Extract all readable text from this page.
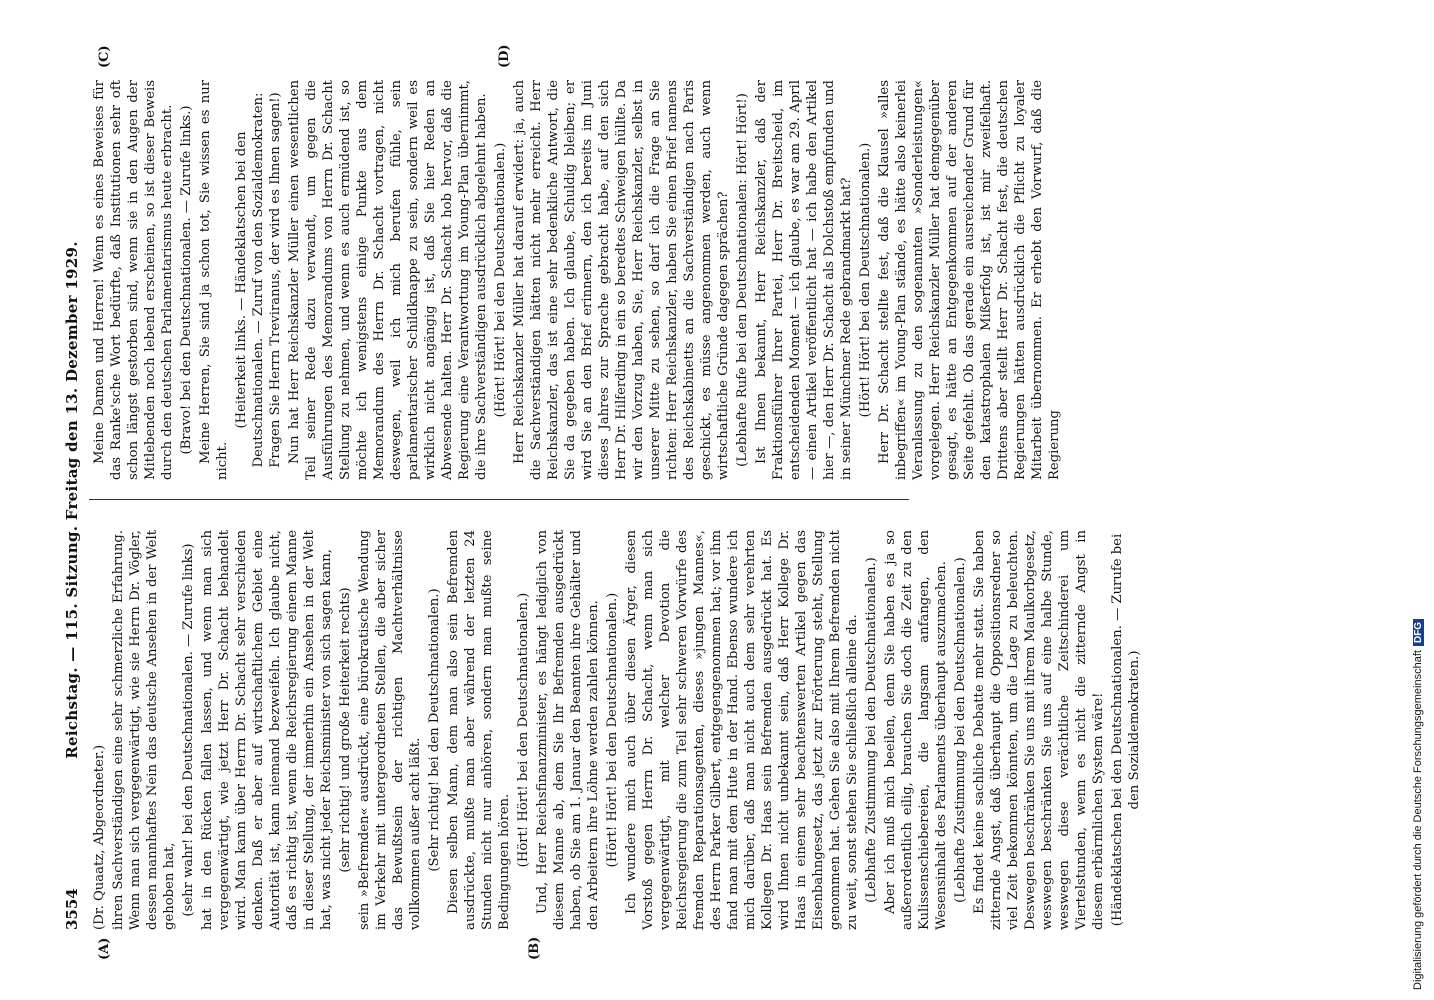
3554
Reichstag. — 115. Sitzung. Freitag den 13. Dezember 1929.
(A)	(B)
(C)	(D)

(Dr. Quaatz, Abgeordneter.) ihren Sachverständigen eine sehr schmerzliche Erfahrung. Wenn man sich vergegenwärtigt, wie sie Herrn Dr. Vögler, dessen mannhaftes Nein das deutsche Ansehen in der Welt gehoben hat, (sehr wahr! bei den Deutschnationalen. — Zurufe links) hat in den Rücken fallen lassen, und wenn man sich vergegenwärtigt, wie jetzt Herr Dr. Schacht behandelt wird. Man kann über Herrn Dr. Schacht sehr verschieden denken. Daß er aber auf wirtschaftlichem Gebiet eine Autorität ist, kann niemand bezweifeln. Ich glaube nicht, daß es richtig ist, wenn die Reichsregierung einem Manne in dieser Stellung, der immerhin ein Ansehen in der Welt hat, was nicht jeder Reichsminister von sich sagen kann, (sehr richtig! und große Heiterkeit rechts) sein »Befremden« ausdrückt, eine bürokratische Wendung im Verkehr mit untergeordneten Stellen, die aber sicher das Bewußtsein der richtigen Machtverhältnisse vollkommen außer acht läßt. (Sehr richtig! bei den Deutschnationalen.) Diesen selben Mann, dem man also sein Befremden ausdrückte, mußte man aber während der letzten 24 Stunden nicht nur anhören, sondern man mußte seine Bedingungen hören. (Hört! Hört! bei den Deutschnationalen.) Und, Herr Reichsfinanzminister, es hängt lediglich von diesem Manne ab, dem Sie Ihr Befremden ausgedrückt haben, ob Sie am 1. Januar den Beamten ihre Gehälter und den Arbeitern ihre Löhne werden zahlen können. (Hört! Hört! bei den Deutschnationalen.) Ich wundere mich auch über diesen Ärger, diesen Vorstoß gegen Herrn Dr. Schacht, wenn man sich vergegenwärtigt, mit welcher Devotion die Reichsregierung die zum Teil sehr schweren Vorwürfe des fremden Reparationsagenten, dieses »jungen Mannes«, des Herrn Parker Gilbert, entgegengenommen hat; vor ihm fand man mit dem Hute in der Hand. Ebenso wundere ich mich darüber, daß man nicht auch dem sehr verehrten Kollegen Dr. Haas sein Befremden ausgedrückt hat. Es wird Ihnen nicht unbekannt sein, daß Herr Kollege Dr. Haas in einem sehr beachtenswerten Artikel gegen das Eisenbahngesetz, das jetzt zur Erörterung steht, Stellung genommen hat. Gehen Sie also mit Ihrem Befremden nicht zu weit, sonst stehen Sie schließlich alleine da. (Lebhafte Zustimmung bei den Deutschnationalen.) Aber ich muß mich beeilen, denn Sie haben es ja so außerordentlich eilig, brauchen Sie doch die Zeit zu den Kulissenschiebereien, die langsam anfangen, den Wesensinhalt des Parlaments überhaupt auszumachen. (Lebhafte Zustimmung bei den Deutschnationalen.) Es findet keine sachliche Debatte mehr statt. Sie haben zitternde Angst, daß überhaupt die Oppositionsredner so viel Zeit bekommen könnten, um die Lage zu beleuchten. Deswegen beschränken Sie uns mit ihrem Maulkorbgesetz, weswegen beschränken Sie uns auf eine halbe Stunde, weswegen diese verächtliche Zeitschinderei um Viertelstunden, wenn es nicht die zitternde Angst in diesem erbärmlichen System wäre! (Händeklatschen bei den Deutschnationalen. — Zurufe bei den Sozialdemokraten.)

Meine Damen und Herren! Wenn es eines Beweises für das Ranke'sche Wort bedürfte, daß Institutionen sehr oft schon längst gestorben sind, wenn sie in den Augen der Mitlebenden noch lebend erscheinen, so ist dieser Beweis durch den deutschen Parlamentarismus heute erbracht. (Bravo! bei den Deutschnationalen. — Zurufe links.) Meine Herren, Sie sind ja schon tot, Sie wissen es nur nicht.

(Heiterkeit links. — Händeklatschen bei den Deutschnationalen. — Zuruf von den Sozialdemokraten: Fragen Sie Herrn Treviranus, der wird es Ihnen sagen!) Nun hat Herr Reichskanzler Müller einen wesentlichen Teil seiner Rede dazu verwandt, um gegen die Ausführungen des Memorandums von Herrn Dr. Schacht Stellung zu nehmen, und wenn es auch ermüdend ist, so möchte ich wenigstens einige Punkte aus dem Memorandum des Herrn Dr. Schacht vortragen, nicht deswegen, weil ich mich berufen fühle, sein parlamentarischer Schildknappe zu sein, sondern weil es wirklich nicht angängig ist, daß Sie hier Reden an Abwesende halten. Herr Dr. Schacht hob hervor, daß die Regierung eine Verantwortung im Young-Plan übernimmt, die ihre Sachverständigen ausdrücklich abgelehnt haben. (Hört! Hört! bei den Deutschnationalen.) Herr Reichskanzler Müller hat darauf erwidert: ja, auch die Sachverständigen hätten nicht mehr erreicht. Herr Reichskanzler, das ist eine sehr bedenkliche Antwort, die Sie da gegeben haben. Ich glaube, Schuldig bleiben; er wird Sie an den Brief erinnern, den ich bereits im Juni dieses Jahres zur Sprache gebracht habe, auf den sich Herr Dr. Hilferding in ein so beredtes Schweigen hüllte. Da wir den Vorzug haben, Sie, Herr Reichskanzler, selbst in unserer Mitte zu sehen, so darf ich die Frage an Sie richten: Herr Reichskanzler, haben Sie einen Brief namens des Reichskabinetts an die Sachverständigen nach Paris geschickt, es müsse angenommen werden, auch wenn wirtschaftliche Gründe dagegen sprächen? (Lebhafte Rufe bei den Deutschnationalen: Hört! Hört!) Ist Ihnen bekannt, Herr Reichskanzler, daß der Fraktionsführer Ihrer Partei, Herr Dr. Breitscheid, im entscheidenden Moment — ich glaube, es war am 29. April — einen Artikel veröffentlicht hat — ich habe den Artikel hier —, den Herr Dr. Schacht als Dolchstoß empfunden und in seiner Münchner Rede gebrandmarkt hat? (Hört! Hört! bei den Deutschnationalen.) Herr Dr. Schacht stellte fest, daß die Klausel »alles inbegriffen« im Young-Plan stände, es hätte also keinerlei Veranlassung zu den sogenannten »Sonderleistungen« vorgelegen. Herr Reichskanzler Müller hat demgegenüber gesagt, es hätte an Entgegenkommen auf der anderen Seite gefehlt. Ob das gerade ein ausreichender Grund für den katastrophalen Mißerfolg ist, ist mir zweifelhaft. Drittens aber stellt Herr Dr. Schacht fest, die deutschen Regierungen hätten ausdrücklich die Pflicht zu loyaler Mitarbeit übernommen. Er erhebt den Vorwurf, daß die Regierung

Digitalisierung gefördert durch die Deutsche ForschungsgemeinschaftDFG
